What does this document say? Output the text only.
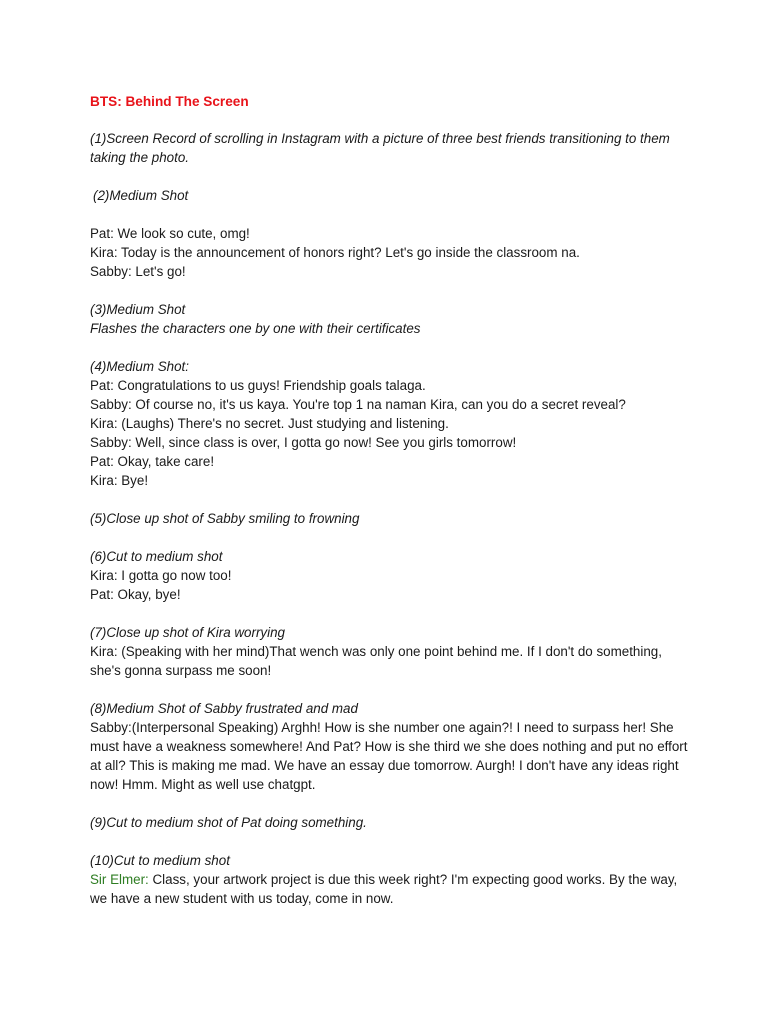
BTS: Behind The Screen
(1)Screen Record of scrolling in Instagram with a picture of three best friends transitioning to them taking the photo.
(2)Medium Shot
Pat: We look so cute, omg!
Kira: Today is the announcement of honors right? Let's go inside the classroom na.
Sabby: Let's go!
(3)Medium Shot
Flashes the characters one by one with their certificates
(4)Medium Shot:
Pat: Congratulations to us guys! Friendship goals talaga.
Sabby: Of course no, it's us kaya. You're top 1 na naman Kira, can you do a secret reveal?
Kira: (Laughs) There's no secret. Just studying and listening.
Sabby: Well, since class is over, I gotta go now! See you girls tomorrow!
Pat: Okay, take care!
Kira: Bye!
(5)Close up shot of Sabby smiling to frowning
(6)Cut to medium shot
Kira: I gotta go now too!
Pat: Okay, bye!
(7)Close up shot of Kira worrying
Kira: (Speaking with her mind)That wench was only one point behind me. If I don't do something, she's gonna surpass me soon!
(8)Medium Shot of Sabby frustrated and mad
Sabby:(Interpersonal Speaking) Arghh! How is she number one again?! I need to surpass her! She must have a weakness somewhere! And Pat? How is she third we she does nothing and put no effort at all? This is making me mad. We have an essay due tomorrow. Aurgh! I don't have any ideas right now! Hmm. Might as well use chatgpt.
(9)Cut to medium shot of Pat doing something.
(10)Cut to medium shot
Sir Elmer: Class, your artwork project is due this week right? I'm expecting good works. By the way, we have a new student with us today, come in now.
